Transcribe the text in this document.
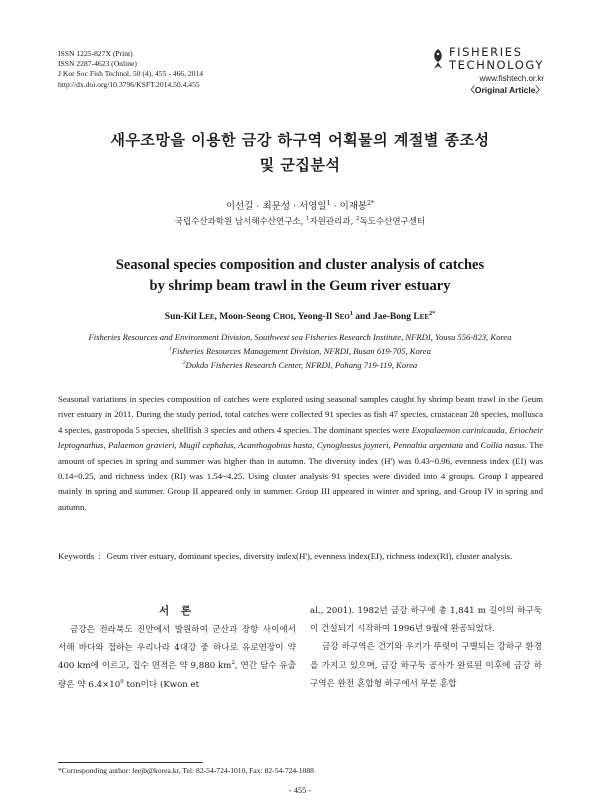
ISSN 1225-827X (Print)
ISSN 2287-4623 (Online)
J Kor Soc Fish Technol, 50 (4), 455 - 466, 2014
http://dx.doi.org/10.3796/KSFT.2014.50.4.455
FISHERIES
TECHNOLOGY
www.fishtech.or.kr
〈Original Article〉
새우조망을 이용한 금강 하구역 어획물의 계절별 종조성
및 군집분석
이선길 · 최문성 · 서영일$^1$ · 이재봉$^{2*}$
국립수산과학원 남서해수산연구소, $^1$자원관리과, $^2$독도수산연구센터
Seasonal species composition and cluster analysis of catches
by shrimp beam trawl in the Geum river estuary
Sun-Kil Lee, Moon-Seong Choi, Yeong-Il Seo$^1$ and Jae-Bong Lee$^{2*}$
Fisheries Resources and Environment Division, Southwest sea Fisheries Research Institute, NFRDI, Yousu 556-823, Korea
$^1$Fisheries Resources Management Division, NFRDI, Busan 619-705, Korea
$^2$Dokdo Fisheries Research Center, NFRDI, Pohang 719-119, Korea
Seasonal variations in species composition of catches were explored using seasonal samples caught by shrimp beam trawl in the Geum river estuary in 2011. During the study period, total catches were collected 91 species as fish 47 species, crustacean 28 species, mollusca 4 species, gastropoda 5 species, shellfish 3 species and others 4 species. The dominant species were Exopalaemon carinicauda, Eriocheir leptognathus, Palaemon gravieri, Mugil cephalus, Acanthogobius hasta, Cynoglossus joyneri, Pennahia argentata and Coilia nasus. The amount of species in spring and summer was higher than in autumn. The diversity index (H') was 0.43~0.96, evenness index (EI) was 0.14~0.25, and richness index (RI) was 1.54~4.25. Using cluster analysis 91 species were divided into 4 groups. Group I appeared mainly in spring and summer. Group II appeared only in summer. Group III appeared in winter and spring, and Group IV in spring and autumn.
Keywords : Geum river estuary, dominant species, diversity index(H'), evenness index(EI), richness index(RI), cluster analysis.
서 론
금강은 전라북도 진안에서 발원하여 군산과 장항 사이에서 서해 바다와 접하는 우리나라 4대강 중 하나로 유로연장이 약 400 km에 이르고, 집수 면적은 약 9,880 $km^2$, 연간 담수 유출량은 약 $6.4\times 10^9$ ton이다 (Kwon et
al., 2001). 1982년 금강 하구에 총 1,841 m 길이의 하구둑이 건설되기 시작하여 1996년 9월에 완공되었다.
금강 하구역은 건기와 우기가 뚜렷이 구별되는 강하구 환경을 가지고 있으며, 금강 하구둑 공사가 완료된 이후에 금강 하구역은 완전 혼합형 하구에서 부분 혼합
*Corresponding author: leejb@korea.kr, Tel: 82-54-724-1010, Fax: 82-54-724-1088
- 455 -
